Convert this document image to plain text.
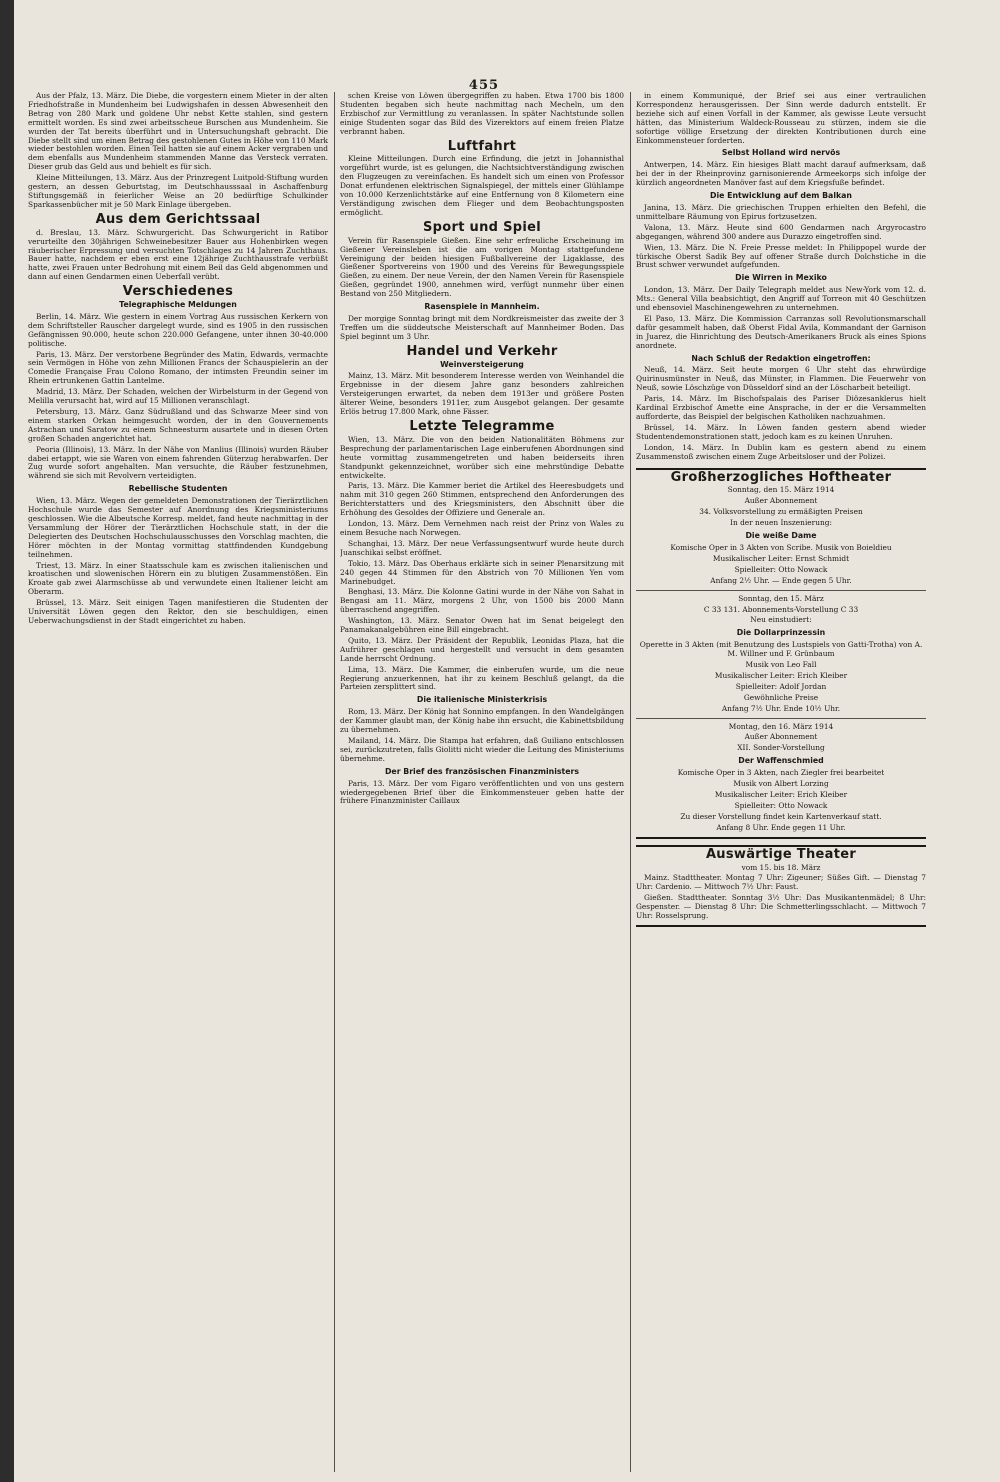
455

Aus der Pfalz, 13. März. Die Diebe, die vorgestern einem Mieter in der alten Friedhofstraße in Mundenheim bei Ludwigshafen in dessen Abwesenheit den Betrag von 280 Mark und goldene Uhr nebst Kette stahlen, sind gestern ermittelt worden. Es sind zwei arbeitsscheue Burschen aus Mundenheim. Sie wurden der Tat bereits überführt und in Untersuchungshaft gebracht. Die Diebe stellt sind um einen Betrag des gestohlenen Gutes in Höhe von 110 Mark wieder bestohlen worden. Einen Teil hatten sie auf einem Acker vergraben und dem ebenfalls aus Mundenheim stammenden Manne das Versteck verraten. Dieser grub das Geld aus und behielt es für sich.

Kleine Mitteilungen, 13. März. Aus der Prinzregent Luitpold-Stiftung wurden gestern, an dessen Geburtstag, im Deutschhausssaal in Aschaffenburg Stiftungsgemäß in feierlicher Weise an 20 bedürftige Schulkinder Sparkassenbücher mit je 50 Mark Einlage übergeben.

Aus dem Gerichtssaal

d. Breslau, 13. März. Schwurgericht. Das Schwurgericht in Ratibor verurteilte den 30jährigen Schweinebesitzer Bauer aus Hohenbirken wegen räuberischer Erpressung und versuchten Totschlages zu 14 Jahren Zuchthaus. Bauer hatte, nachdem er eben erst eine 12jährige Zuchthausstrafe verbüßt hatte, zwei Frauen unter Bedrohung mit einem Beil das Geld abgenommen und dann auf einen Gendarmen einen Ueberfall verübt.

Verschiedenes
Telegraphische Meldungen

Berlin, 14. März. Wie gestern in einem Vortrag Aus russischen Kerkern von dem Schriftsteller Rauscher dargelegt wurde, sind es 1905 in den russischen Gefängnissen 90.000, heute schon 220.000 Gefangene, unter ihnen 30-40.000 politische.

Paris, 13. März. Der verstorbene Begründer des Matin, Edwards, vermachte sein Vermögen in Höhe von zehn Millionen Francs der Schauspielerin an der Comedie Française Frau Colono Romano, der intimsten Freundin seiner im Rhein ertrunkenen Gattin Lantelme.

Madrid, 13. März. Der Schaden, welchen der Wirbelsturm in der Gegend von Melilla verursacht hat, wird auf 15 Millionen veranschlagt.

Petersburg, 13. März. Ganz Südrußland und das Schwarze Meer sind von einem starken Orkan heimgesucht worden, der in den Gouvernements Astrachan und Saratow zu einem Schneesturm ausartete und in diesen Orten großen Schaden angerichtet hat.

Peoria (Illinois), 13. März. In der Nähe von Manlius (Illinois) wurden Räuber dabei ertappt, wie sie Waren von einem fahrenden Güterzug herabwarfen. Der Zug wurde sofort angehalten. Man versuchte, die Räuber festzunehmen, während sie sich mit Revolvern verteidigten.

Rebellische Studenten

Wien, 13. März. Wegen der gemeldeten Demonstrationen der Tierärztlichen Hochschule wurde das Semester auf Anordnung des Kriegsministeriums geschlossen. Wie die Albeutsche Korresp. meldet, fand heute nachmittag in der Versammlung der Hörer der Tierärztlichen Hochschule statt, in der die Delegierten des Deutschen Hochschulausschusses den Vorschlag machten, die Hörer möchten in der Montag vormittag stattfindenden Kundgebung teilnehmen.

Triest, 13. März. In einer Staatsschule kam es zwischen italienischen und kroatischen und slowenischen Hörern ein zu blutigen Zusammenstößen. Ein Kroate gab zwei Alarmschüsse ab und verwundete einen Italiener leicht am Oberarm.

Brüssel, 13. März. Seit einigen Tagen manifestieren die Studenten der Universität Löwen gegen den Rektor, den sie beschuldigen, einen Ueberwachungsdienst in der Stadt eingerichtet zu haben.

schen Kreise von Löwen übergegriffen zu haben. Etwa 1700 bis 1800 Studenten begaben sich heute nachmittag nach Mecheln, um den Erzbischof zur Vermittlung zu veranlassen. In später Nachtstunde sollen einige Studenten sogar das Bild des Vizerektors auf einem freien Platze verbrannt haben.

Luftfahrt

Kleine Mitteilungen. Durch eine Erfindung, die jetzt in Johannisthal vorgeführt wurde, ist es gelungen, die Nachtsichtverständigung zwischen den Flugzeugen zu vereinfachen. Es handelt sich um einen von Professor Donat erfundenen elektrischen Signalspiegel, der mittels einer Glühlampe von 10.000 Kerzenlichtstärke auf eine Entfernung von 8 Kilometern eine Verständigung zwischen dem Flieger und dem Beobachtungsposten ermöglicht.

Sport und Spiel

Verein für Rasenspiele Gießen. Eine sehr erfreuliche Erscheinung im Gießener Vereinsleben ist die am vorigen Montag stattgefundene Vereinigung der beiden hiesigen Fußballvereine der Ligaklasse, des Gießener Sportvereins von 1900 und des Vereins für Bewegungsspiele Gießen, zu einem. Der neue Verein, der den Namen Verein für Rasenspiele Gießen, gegründet 1900, annehmen wird, verfügt nunmehr über einen Bestand von 250 Mitgliedern.

Rasenspiele in Mannheim.

Der morgige Sonntag bringt mit dem Nordkreismeister das zweite der 3 Treffen um die süddeutsche Meisterschaft auf Mannheimer Boden. Das Spiel beginnt um 3 Uhr.

Handel und Verkehr
Weinversteigerung

Mainz, 13. März. Mit besonderem Interesse werden von Weinhandel die Ergebnisse in der diesem Jahre ganz besonders zahlreichen Versteigerungen erwartet, da neben dem 1913er und größere Posten älterer Weine, besonders 1911er, zum Ausgebot gelangen. Der gesamte Erlös betrug 17.800 Mark, ohne Fässer.

Letzte Telegramme

Wien, 13. März. Die von den beiden Nationalitäten Böhmens zur Besprechung der parlamentarischen Lage einberufenen Abordnungen sind heute vormittag zusammengetreten und haben beiderseits ihren Standpunkt gekennzeichnet, worüber sich eine mehrstündige Debatte entwickelte.

Paris, 13. März. Die Kammer beriet die Artikel des Heeresbudgets und nahm mit 310 gegen 260 Stimmen, entsprechend den Anforderungen des Berichterstatters und des Kriegsministers, den Abschnitt über die Erhöhung des Gesoldes der Offiziere und Generale an.

London, 13. März. Dem Vernehmen nach reist der Prinz von Wales zu einem Besuche nach Norwegen.

Schanghai, 13. März. Der neue Verfassungsentwurf wurde heute durch Juanschikai selbst eröffnet.

Tokio, 13. März. Das Oberhaus erklärte sich in seiner Plenarsitzung mit 240 gegen 44 Stimmen für den Abstrich von 70 Millionen Yen vom Marinebudget.

Benghasi, 13. März. Die Kolonne Gatini wurde in der Nähe von Sahat in Bengasi am 11. März, morgens 2 Uhr, von 1500 bis 2000 Mann überraschend angegriffen.

Washington, 13. März. Senator Owen hat im Senat beigelegt den Panamakanalgebühren eine Bill eingebracht.

Quito, 13. März. Der Präsident der Republik, Leonidas Plaza, hat die Aufrührer geschlagen und hergestellt und versucht in dem gesamten Lande herrscht Ordnung.

Lima, 13. März. Die Kammer, die einberufen wurde, um die neue Regierung anzuerkennen, hat ihr zu keinem Beschluß gelangt, da die Parteien zersplittert sind.

Die italienische Ministerkrisis

Rom, 13. März. Der König hat Sonnino empfangen. In den Wandelgängen der Kammer glaubt man, der König habe ihn ersucht, die Kabinettsbildung zu übernehmen.

Mailand, 14. März. Die Stampa hat erfahren, daß Guiliano entschlossen sei, zurückzutreten, falls Giolitti nicht wieder die Leitung des Ministeriums übernehme.

Der Brief des französischen Finanzministers

Paris, 13. März. Der vom Figaro veröffentlichten und von uns gestern wiedergegebenen Brief über die Einkommensteuer geben hatte der frühere Finanzminister Caillaux

in einem Kommuniqué, der Brief sei aus einer vertraulichen Korrespondenz herausgerissen. Der Sinn werde dadurch entstellt. Er beziehe sich auf einen Vorfall in der Kammer, als gewisse Leute versucht hätten, das Ministerium Waldeck-Rousseau zu stürzen, indem sie die sofortige völlige Ersetzung der direkten Kontributionen durch eine Einkommensteuer forderten.

Selbst Holland wird nervös

Antwerpen, 14. März. Ein hiesiges Blatt macht darauf aufmerksam, daß bei der in der Rheinprovinz garnisonierende Armeekorps sich infolge der kürzlich angeordneten Manöver fast auf dem Kriegsfuße befindet.

Die Entwicklung auf dem Balkan

Janina, 13. März. Die griechischen Truppen erhielten den Befehl, die unmittelbare Räumung von Epirus fortzusetzen.

Valona, 13. März. Heute sind 600 Gendarmen nach Argyrocastro abgegangen, während 300 andere aus Durazzo eingetroffen sind.

Wien, 13. März. Die N. Freie Presse meldet: In Philippopel wurde der türkische Oberst Sadik Bey auf offener Straße durch Dolchstiche in die Brust schwer verwundet aufgefunden.

Die Wirren in Mexiko

London, 13. März. Der Daily Telegraph meldet aus New-York vom 12. d. Mts.: General Villa beabsichtigt, den Angriff auf Torreon mit 40 Geschützen und ebensoviel Maschinengewehren zu unternehmen.

El Paso, 13. März. Die Kommission Carranzas soll Revolutionsmarschall dafür gesammelt haben, daß Oberst Fidal Avila, Kommandant der Garnison in Juarez, die Hinrichtung des Deutsch-Amerikaners Bruck als eines Spions anordnete.

Nach Schluß der Redaktion eingetroffen:

Neuß, 14. März. Seit heute morgen 6 Uhr steht das ehrwürdige Quirinusmünster in Neuß, das Münster, in Flammen. Die Feuerwehr von Neuß, sowie Löschzüge von Düsseldorf sind an der Löscharbeit beteiligt.

Paris, 14. März. Im Bischofspalais des Pariser Diözesanklerus hielt Kardinal Erzbischof Amette eine Ansprache, in der er die Versammelten aufforderte, das Beispiel der belgischen Katholiken nachzuahmen.

Brüssel, 14. März. In Löwen fanden gestern abend wieder Studentendemonstrationen statt, jedoch kam es zu keinen Unruhen.

London, 14. März. In Dublin kam es gestern abend zu einem Zusammenstoß zwischen einem Zuge Arbeitsloser und der Polizei.

Großherzogliches Hoftheater

Sonntag, den 15. März 1914

Außer Abonnement

34. Volksvorstellung zu ermäßigten Preisen

In der neuen Inszenierung:

Die weiße Dame

Komische Oper in 3 Akten von Scribe. Musik von Boieldieu

Musikalischer Leiter: Ernst Schmidt

Spielleiter: Otto Nowack

Anfang 2½ Uhr. — Ende gegen 5 Uhr.

Sonntag, den 15. März

C 33 131. Abonnements-Vorstellung C 33

Neu einstudiert:

Die Dollarprinzessin

Operette in 3 Akten (mit Benutzung des Lustspiels von Gatti-Trotha) von A. M. Willner und F. Grünbaum

Musik von Leo Fall

Musikalischer Leiter: Erich Kleiber

Spielleiter: Adolf Jordan

Gewöhnliche Preise

Anfang 7½ Uhr. Ende 10½ Uhr.

Montag, den 16. März 1914

Außer Abonnement

XII. Sonder-Vorstellung

Der Waffenschmied

Komische Oper in 3 Akten, nach Ziegler frei bearbeitet

Musik von Albert Lorzing

Musikalischer Leiter: Erich Kleiber

Spielleiter: Otto Nowack

Zu dieser Vorstellung findet kein Kartenverkauf statt.

Anfang 8 Uhr. Ende gegen 11 Uhr.

Auswärtige Theater

vom 15. bis 18. März

Mainz. Stadttheater. Montag 7 Uhr: Zigeuner; Süßes Gift. — Dienstag 7 Uhr: Cardenio. — Mittwoch 7½ Uhr: Faust.

Gießen. Stadttheater. Sonntag 3½ Uhr: Das Musikantenmädel; 8 Uhr: Gespenster. — Dienstag 8 Uhr: Die Schmetterlingsschlacht. — Mittwoch 7 Uhr: Rosselsprung.
